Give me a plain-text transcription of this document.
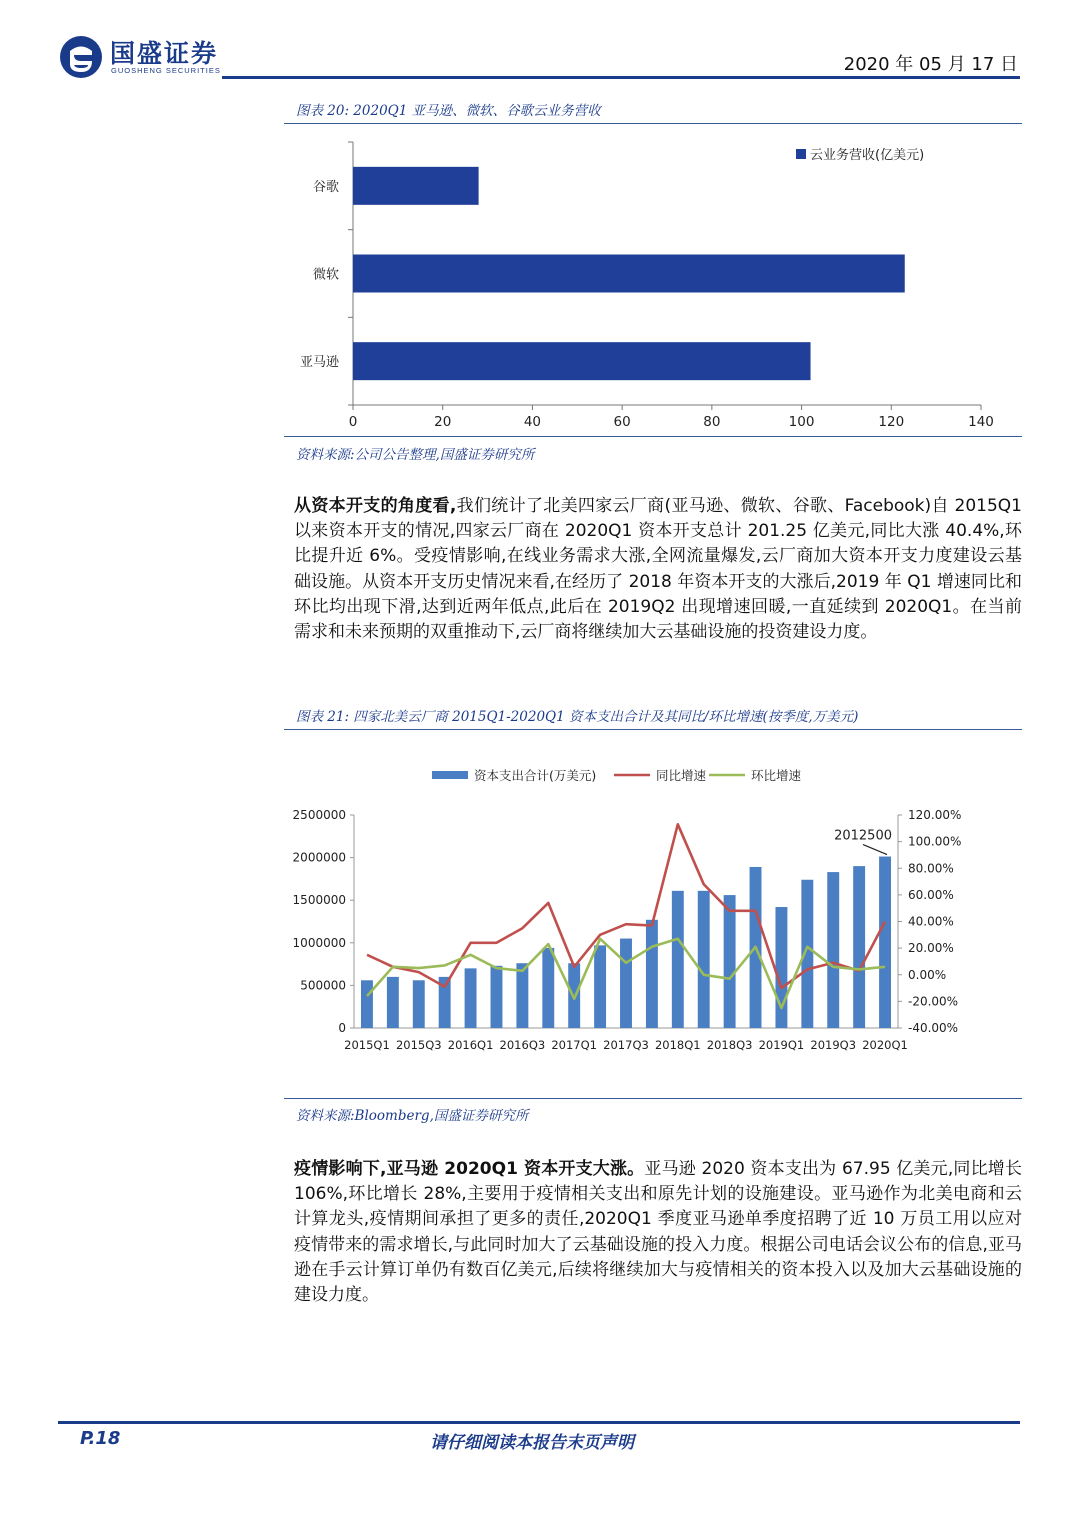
国盛证券
GUOSHENG SECURITIES	2020 年 05 月 17 日
图表 20: 2020Q1 亚马逊、微软、谷歌云业务营收
谷歌
微软
亚马逊
0	20	40	60	80	100	120	140
云业务营收(亿美元)
资料来源:公司公告整理,国盛证券研究所
从资本开支的角度看,我们统计了北美四家云厂商(亚马逊、微软、谷歌、Facebook)自 2015Q1 以来资本开支的情况,四家云厂商在 2020Q1 资本开支总计 201.25 亿美元,同比大涨 40.4%,环比提升近 6%。受疫情影响,在线业务需求大涨,全网流量爆发,云厂商加大资本开支力度建设云基础设施。从资本开支历史情况来看,在经历了 2018 年资本开支的大涨后,2019 年 Q1 增速同比和环比均出现下滑,达到近两年低点,此后在 2019Q2 出现增速回暖,一直延续到 2020Q1。在当前需求和未来预期的双重推动下,云厂商将继续加大云基础设施的投资建设力度。
图表 21: 四家北美云厂商 2015Q1-2020Q1 资本支出合计及其同比/环比增速(按季度,万美元)
0
500000
1000000
1500000
2000000
2500000
-40.00%
-20.00%
0.00%
20.00%
40.00%
60.00%
80.00%
100.00%
120.00%
2015Q1 2015Q3 2016Q1 2016Q3 2017Q1 2017Q3 2018Q1 2018Q3 2019Q1 2019Q3 2020Q1
2012500
资本支出合计(万美元)	同比增速	环比增速
资料来源:Bloomberg,国盛证券研究所
疫情影响下,亚马逊 2020Q1 资本开支大涨。亚马逊 2020 资本支出为 67.95 亿美元,同比增长 106%,环比增长 28%,主要用于疫情相关支出和原先计划的设施建设。亚马逊作为北美电商和云计算龙头,疫情期间承担了更多的责任,2020Q1 季度亚马逊单季度招聘了近 10 万员工用以应对疫情带来的需求增长,与此同时加大了云基础设施的投入力度。根据公司电话会议公布的信息,亚马逊在手云计算订单仍有数百亿美元,后续将继续加大与疫情相关的资本投入以及加大云基础设施的建设力度。
P.18	请仔细阅读本报告末页声明
